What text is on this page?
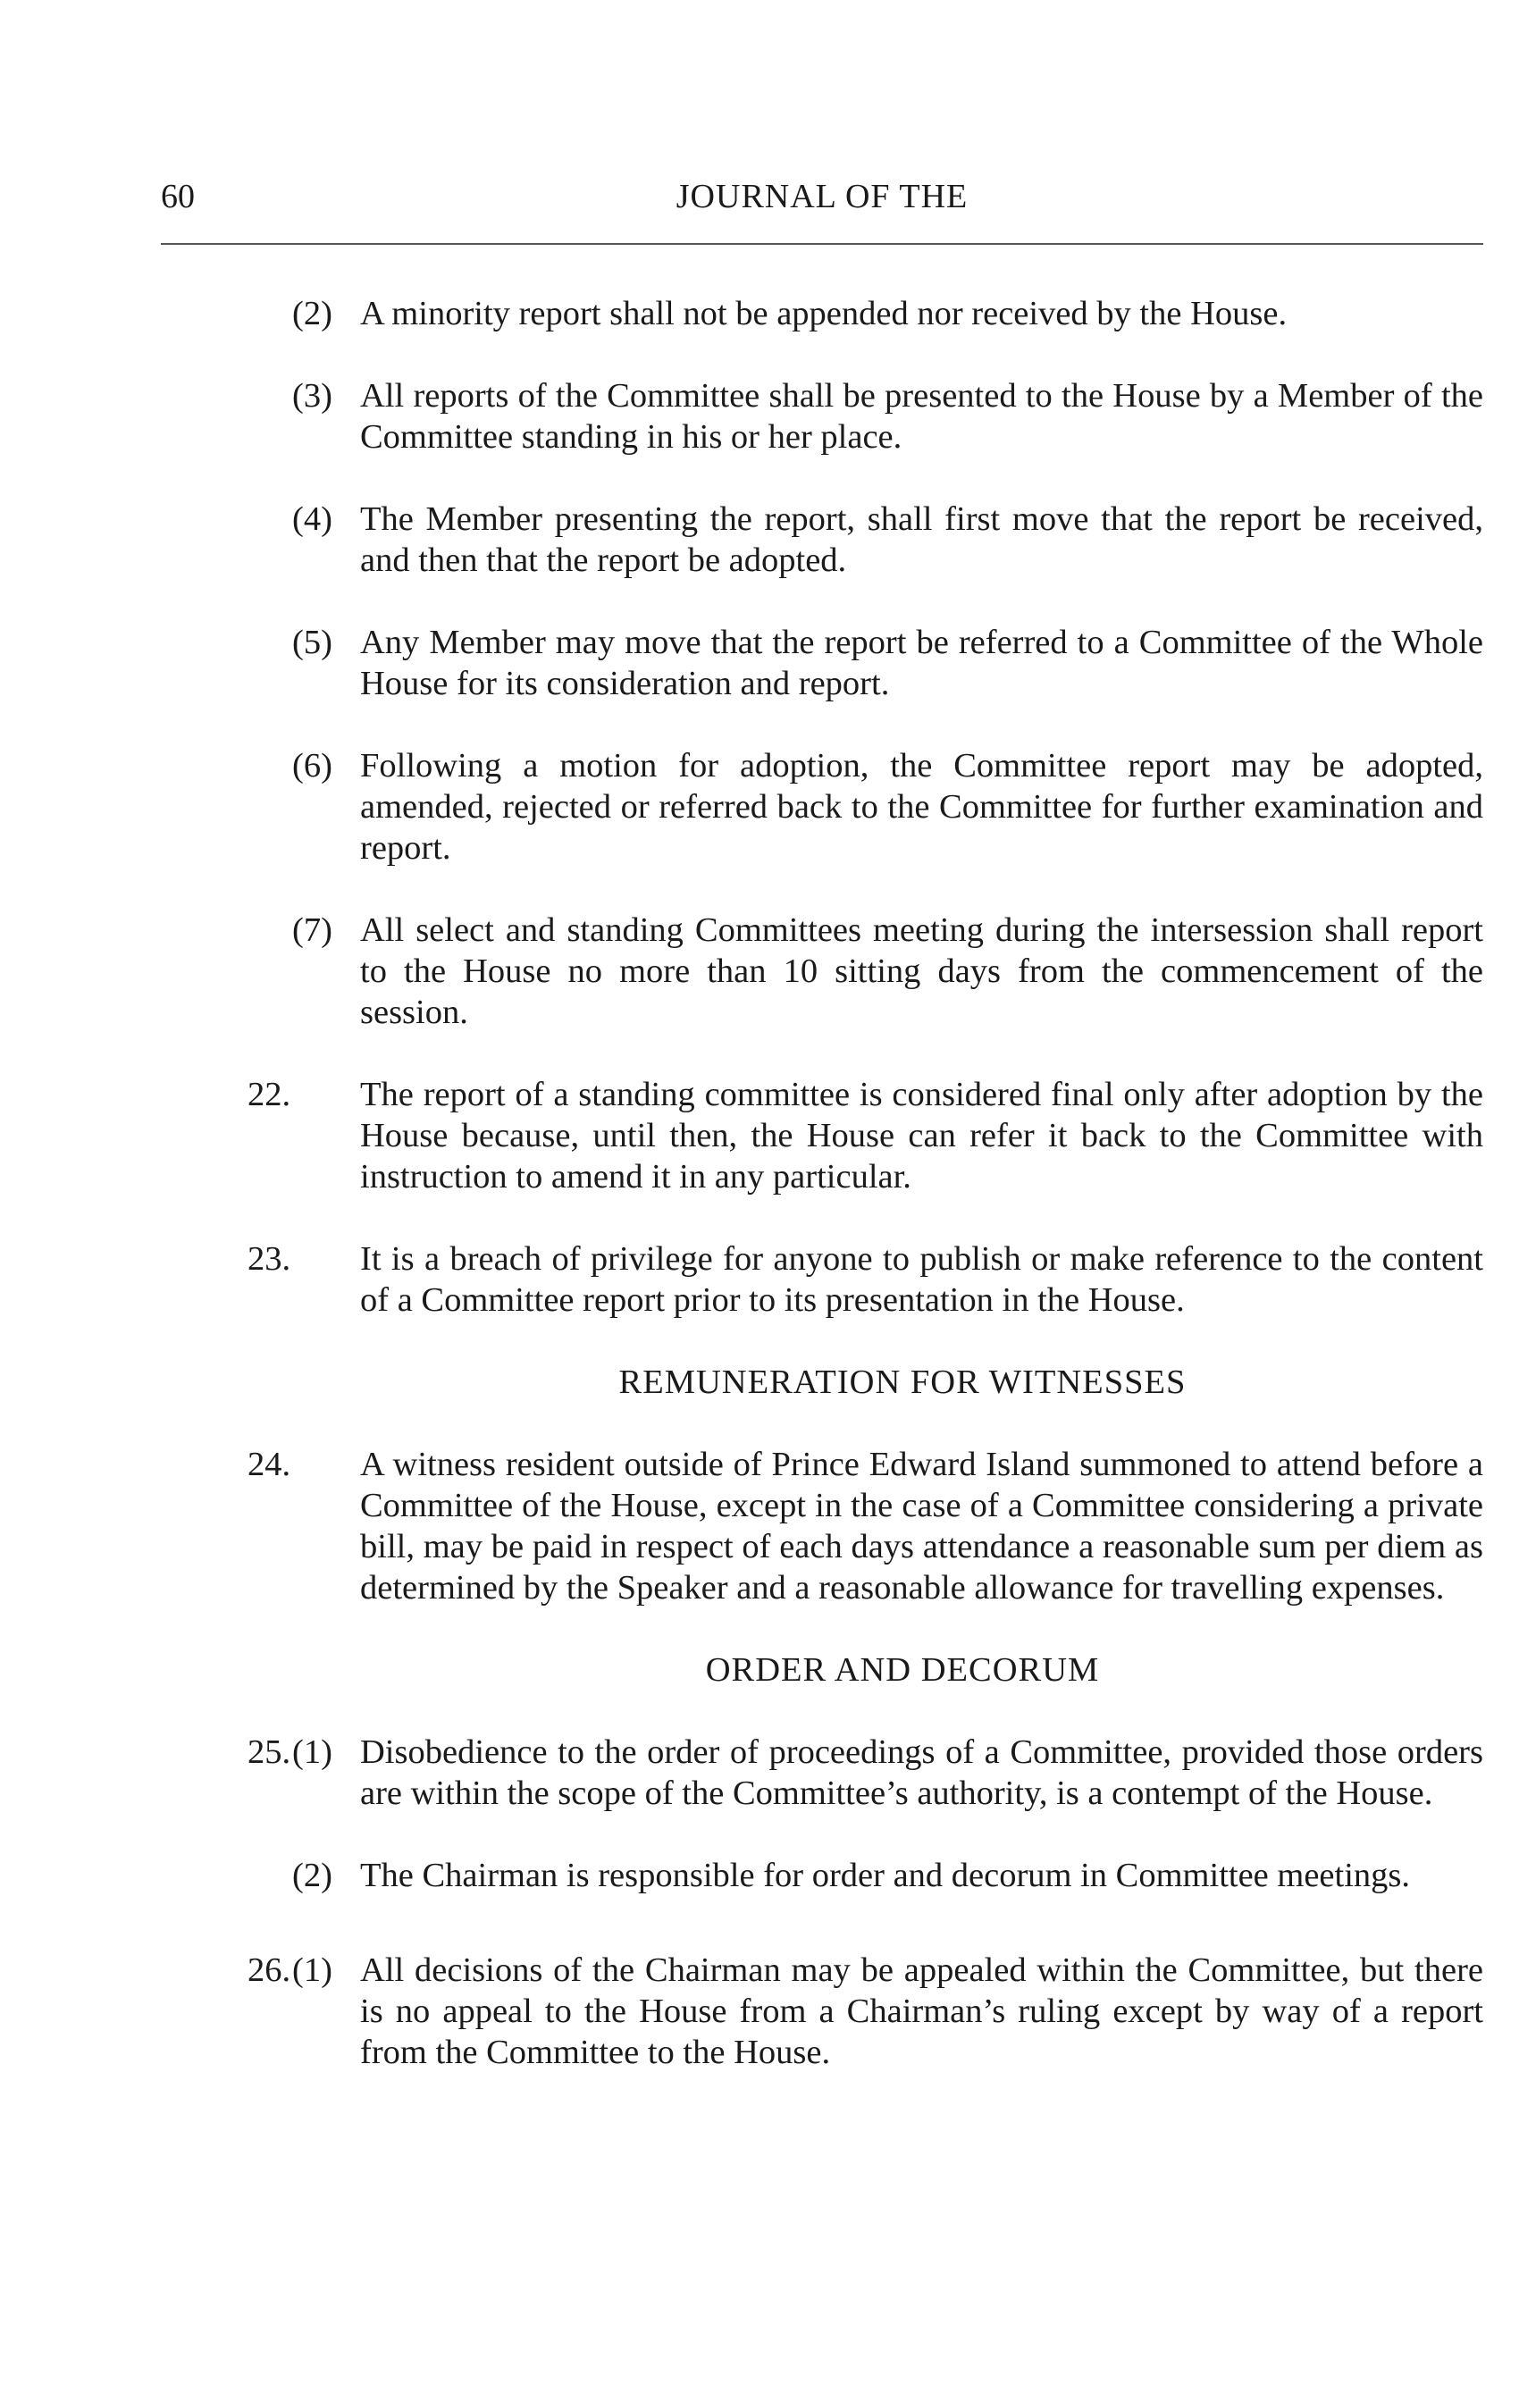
60	JOURNAL OF THE
(2) A minority report shall not be appended nor received by the House.
(3) All reports of the Committee shall be presented to the House by a Member of the Committee standing in his or her place.
(4) The Member presenting the report, shall first move that the report be received, and then that the report be adopted.
(5) Any Member may move that the report be referred to a Committee of the Whole House for its consideration and report.
(6) Following a motion for adoption, the Committee report may be adopted, amended, rejected or referred back to the Committee for further examination and report.
(7) All select and standing Committees meeting during the intersession shall report to the House no more than 10 sitting days from the commencement of the session.
22. The report of a standing committee is considered final only after adoption by the House because, until then, the House can refer it back to the Committee with instruction to amend it in any particular.
23. It is a breach of privilege for anyone to publish or make reference to the content of a Committee report prior to its presentation in the House.
REMUNERATION FOR WITNESSES
24. A witness resident outside of Prince Edward Island summoned to attend before a Committee of the House, except in the case of a Committee considering a private bill, may be paid in respect of each days attendance a reasonable sum per diem as determined by the Speaker and a reasonable allowance for travelling expenses.
ORDER AND DECORUM
25. (1) Disobedience to the order of proceedings of a Committee, provided those orders are within the scope of the Committee’s authority, is a contempt of the House.
(2) The Chairman is responsible for order and decorum in Committee meetings.
26. (1) All decisions of the Chairman may be appealed within the Committee, but there is no appeal to the House from a Chairman’s ruling except by way of a report from the Committee to the House.
